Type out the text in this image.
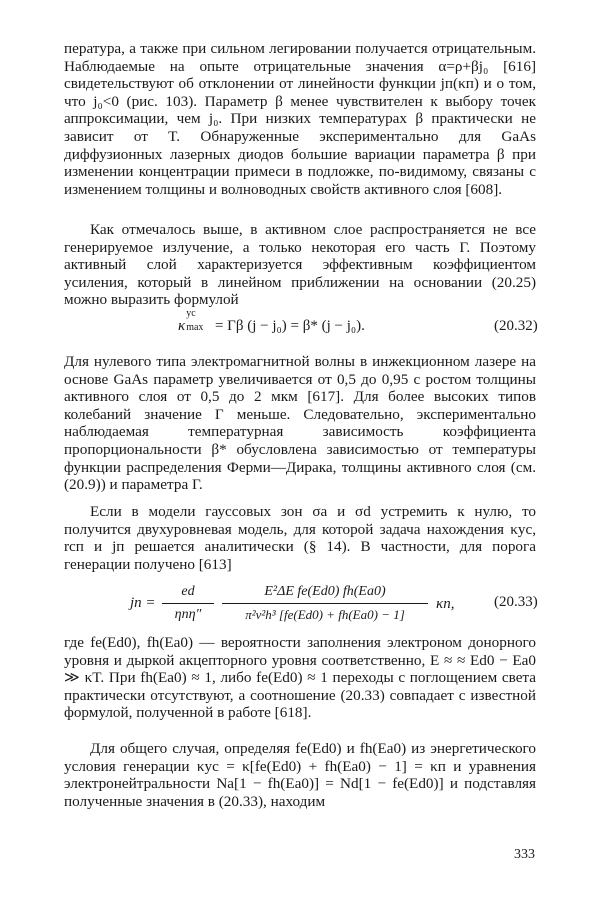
пература, а также при сильном легировании получается отрицательным. Наблюдаемые на опыте отрицательные значения α=ρ+βj₀ [616] свидетельствуют об отклонении от линейности функции jп(κп) и о том, что j₀<0 (рис. 103). Параметр β менее чувствителен к выбору точек аппроксимации, чем j₀. При низких температурах β практически не зависит от T. Обнаруженные экспериментально для GaAs диффузионных лазерных диодов большие вариации параметра β при изменении концентрации примеси в подложке, по-видимому, связаны с изменением толщины и волноводных свойств активного слоя [608].

Как отмечалось выше, в активном слое распространяется не все генерируемое излучение, а только некоторая его часть Γ. Поэтому активный слой характеризуется эффективным коэффициентом усиления, который в линейном приближении на основании (20.25) можно выразить формулой

κ
ус
max = Γβ (j − j₀) = β* (j − j₀).	(20.32)

Для нулевого типа электромагнитной волны в инжекционном лазере на основе GaAs параметр увеличивается от 0,5 до 0,95 с ростом толщины активного слоя от 0,5 до 2 мкм [617]. Для более высоких типов колебаний значение Γ меньше. Следовательно, экспериментально наблюдаемая температурная зависимость коэффициента пропорциональности β* обусловлена зависимостью от температуры функции распределения Ферми—Дирака, толщины активного слоя (см. (20.9)) и параметра Γ.

Если в модели гауссовых зон σa и σd устремить к нулю, то получится двухуровневая модель, для которой задача нахождения κус, rсп и jп решается аналитически (§ 14). В частности, для порога генерации получено [613]

jп =
ed
ηпη″
E²ΔE fe(Ed0) fh(Ea0)
π²v²h³ [fe(Ed0) + fh(Ea0) − 1]
κп,	(20.33)

где fe(Ed0), fh(Ea0) — вероятности заполнения электроном донорного уровня и дыркой акцепторного уровня соответственно, E ≈ ≈ Ed0 − Ea0 ≫ κT. При fh(Ea0) ≈ 1, либо fe(Ed0) ≈ 1 переходы с поглощением света практически отсутствуют, а соотношение (20.33) совпадает с известной формулой, полученной в работе [618].

Для общего случая, определяя fe(Ed0) и fh(Ea0) из энергетического условия генерации κус = κ[fe(Ed0) + fh(Ea0) − 1] = κп и уравнения электронейтральности Na[1 − fh(Ea0)] = Nd[1 − fe(Ed0)] и подставляя полученные значения в (20.33), находим

333
